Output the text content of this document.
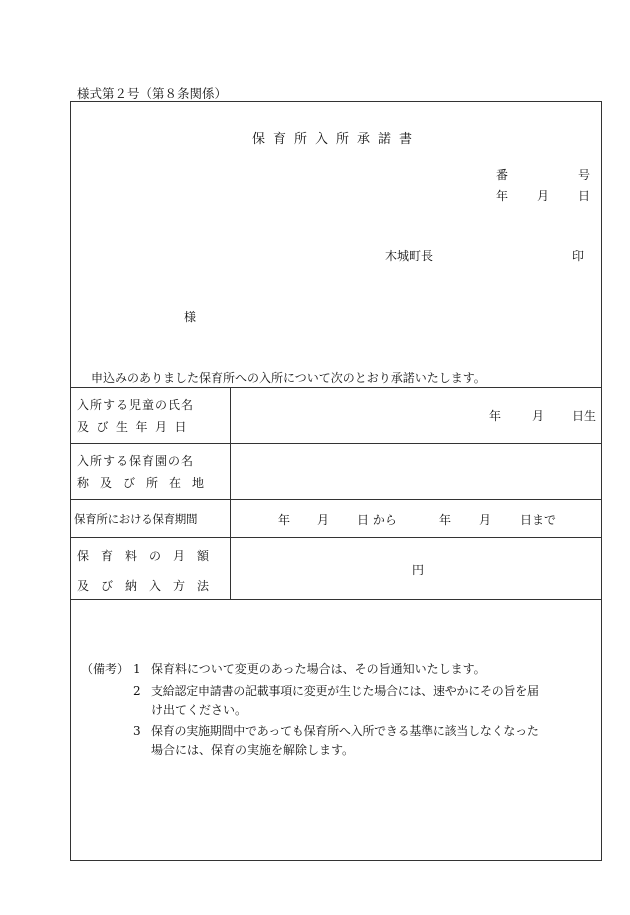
様式第２号（第８条関係）
保育所入所承諾書
番	号
年 月 日
木城町長	印
様
申込みのありました保育所への入所について次のとおり承諾いたします。
入所する児童の氏名
及び生年月日
年	月 日生
入所する保育園の名
称及び所在地
保育所における保育期間	年 月 日 から	年 月 日まで
保育料の月額
及び納入方法
円
（備考） 1 保育料について変更のあった場合は、その旨通知いたします。
2 支給認定申請書の記載事項に変更が生じた場合には、速やかにその旨を届
け出てください。
3 保育の実施期間中であっても保育所へ入所できる基準に該当しなくなった
場合には、保育の実施を解除します。
